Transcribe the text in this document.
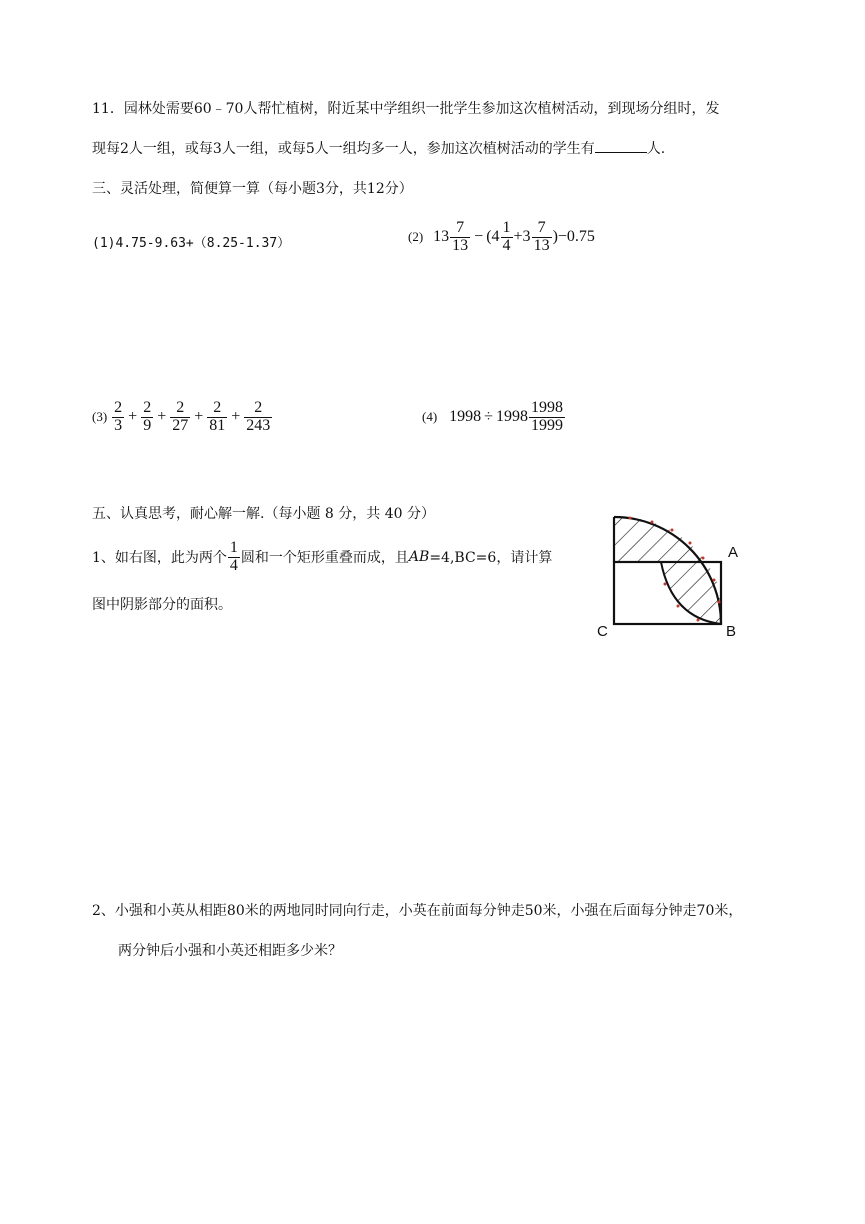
11．园林处需要60﹣70人帮忙植树，附近某中学组织一批学生参加这次植树活动，到现场分组时，发
现每2人一组，或每3人一组，或每5人一组均多一人，参加这次植树活动的学生有	人.
三、灵活处理，简便算一算（每小题3分，共12分）
(1)4.75-9.63+（8.25-1.37）	(2) $13 \frac{7}{13} - (4 \frac{1}{4} +3 \frac{7}{13} )-0.75$
$(3) \frac{2}{3} + \frac{2}{9} + \frac{2}{27} + \frac{2}{81} + \frac{2}{243}$	(4) $1998 \div 1998 \frac{1998}{1999}$
五、认真思考，耐心解一解.（每小题 8 分，共 40 分）
1、如右图，此为两个 $\frac{1}{4}$ 圆和一个矩形重叠而成，且 AB =4,BC=6，请计算
图中阴影部分的面积。
A
B
C
2、小强和小英从相距80米的两地同时同向行走，小英在前面每分钟走50米，小强在后面每分钟走70米，
两分钟后小强和小英还相距多少米？
